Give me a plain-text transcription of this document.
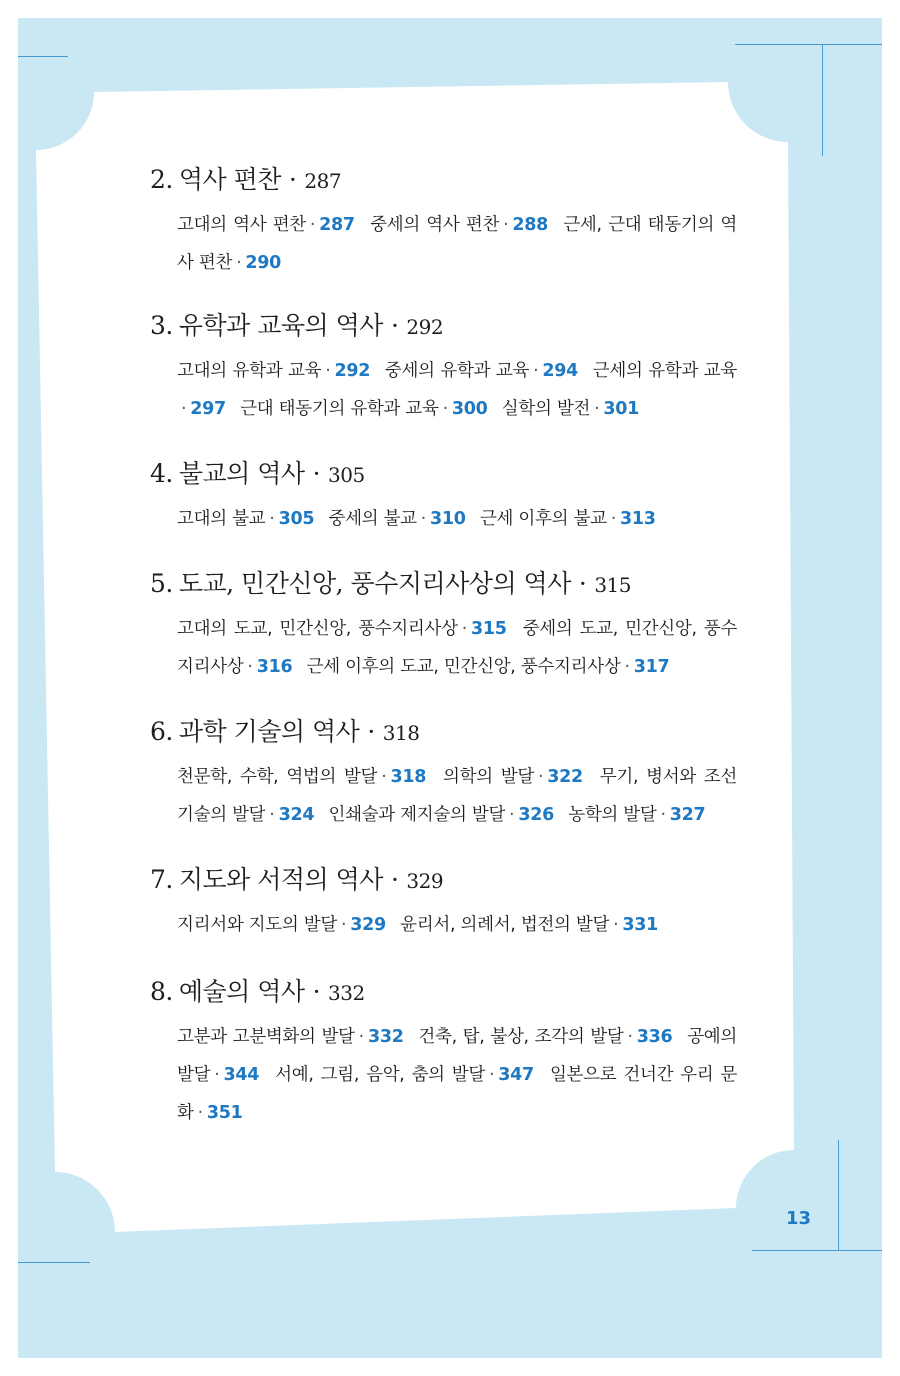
2. 역사 편찬 · 287
고대의 역사 편찬 · 287 중세의 역사 편찬 · 288 근세, 근대 태동기의 역사 편찬 · 290
3. 유학과 교육의 역사 · 292
고대의 유학과 교육 · 292 중세의 유학과 교육 · 294 근세의 유학과 교육· 297 근대 태동기의 유학과 교육 · 300 실학의 발전 · 301
4. 불교의 역사 · 305
고대의 불교 · 305 중세의 불교 · 310 근세 이후의 불교 · 313
5. 도교, 민간신앙, 풍수지리사상의 역사 · 315
고대의 도교, 민간신앙, 풍수지리사상 · 315 중세의 도교, 민간신앙, 풍수지리사상 · 316 근세 이후의 도교, 민간신앙, 풍수지리사상 · 317
6. 과학 기술의 역사 · 318
천문학, 수학, 역법의 발달 · 318 의학의 발달 · 322 무기, 병서와 조선 기술의 발달 · 324 인쇄술과 제지술의 발달 · 326 농학의 발달 · 327
7. 지도와 서적의 역사 · 329
지리서와 지도의 발달 · 329 윤리서, 의례서, 법전의 발달 · 331
8. 예술의 역사 · 332
고분과 고분벽화의 발달 · 332 건축, 탑, 불상, 조각의 발달 · 336 공예의 발달 · 344 서예, 그림, 음악, 춤의 발달 · 347 일본으로 건너간 우리 문화 · 351
13
